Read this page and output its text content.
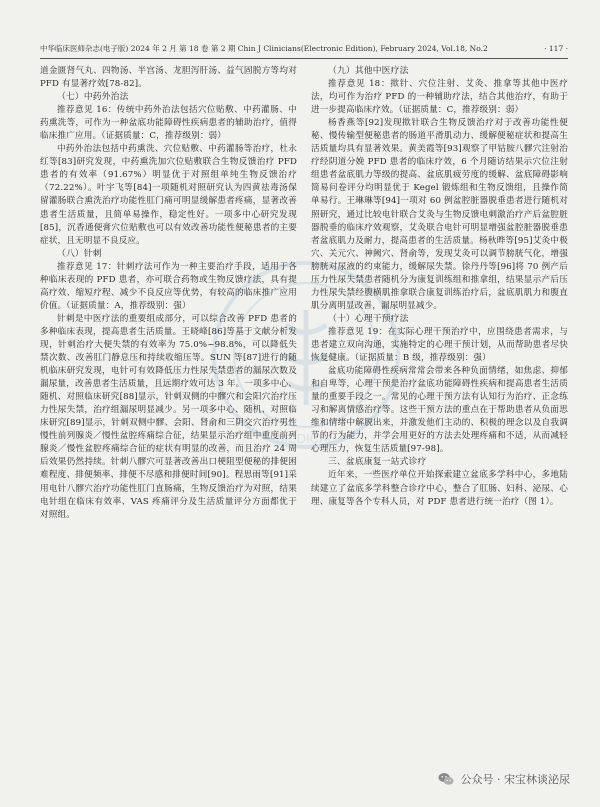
中华临床医师杂志(电子版) 2024 年 2 月 第 18 卷 第 2 期 Chin J Clinicians(Electronic Edition), February 2024, Vol.18, No.2	· 117 ·
MEDICAL

道金匮肾气丸、四物汤、半宫汤、龙胆泻肝汤、益气固脱方等均对 PFD 有显著疗效[78-82]。

（七）中药外治法

推荐意见 16：传统中药外治法包括穴位贴敷、中药灌肠、中药熏洗等，可作为一种盆底功能障碍性疾病患者的辅助治疗，值得临床推广应用。（证据质量：C，推荐级别：弱）

中药外治法包括中药熏洗、穴位贴敷、中药灌肠等治疗，杜永红等[83]研究发现，中药熏洗加穴位贴敷联合生物反馈治疗 PFD 患者的有效率（91.67%）明显优于对照组单纯生物反馈治疗（72.22%）。叶宇飞等[84]一项随机对照研究认为四黄祛毒汤保留灌肠联合熏洗治疗功能性肛门痛可明显缓解患者疼痛，显著改善患者生活质量，且简单易操作，稳定性好。一项多中心研究发现[85]，沉香通便膏穴位贴敷也可以有效改善功能性便秘患者的主要症状，且无明显不良反应。

（八）针刺

推荐意见 17：针刺疗法可作为一种主要治疗手段，适用于各种临床表现的 PFD 患者，亦可联合药物或生物反馈疗法，具有提高疗效、缩短疗程、减少不良反应等优势，有较高的临床推广应用价值。（证据质量：A，推荐级别：强）

针刺是中医疗法的重要组成部分，可以综合改善 PFD 患者的多种临床表现，提高患者生活质量。王晓峰[86]等基于文献分析发现，针刺治疗大便失禁的有效率为 75.0%~98.8%，可以降低失禁次数、改善肛门静息压和持续收缩压等。SUN 等[87]进行的随机临床研究发现，电针可有效降低压力性尿失禁患者的漏尿次数及漏尿量，改善患者生活质量，且远期疗效可达 3 年。一项多中心、随机、对照临床研究[88]显示，针刺双侧的中髎穴和会阳穴治疗压力性尿失禁，治疗组漏尿明显减少。另一项多中心、随机、对照临床研究[89]显示，针刺双侧中髎、会阳、肾俞和三阴交穴治疗男性慢性前列腺炎／慢性盆腔疼痛综合征，结果显示治疗组中重度前列腺炎／慢性盆腔疼痛综合征的症状有明显的改善，而且治疗 24 周后效果仍然持续。针刺八髎穴可显著改善出口梗阻型便秘的排便困难程度、排便频率、排便不尽感和排便时间[90]。程思雨等[91]采用电针八髎穴治疗功能性肛门直肠痛，生物反馈治疗为对照，结果电针组在临床有效率、VAS 疼痛评分及生活质量评分方面都优于对照组。

（九）其他中医疗法

推荐意见 18：揿针、穴位注射、艾灸、推拿等其他中医疗法，均可作为治疗 PFD 的一种辅助疗法，结合其他治疗，有助于进一步提高临床疗效。（证据质量：C，推荐级别：弱）

杨香燕等[92]发现揿针联合生物反馈治疗对于改善功能性便秘、慢传输型便秘患者的肠道平滑肌动力、缓解便秘症状和提高生活质量均具有显著效果。黄美霞等[93]观察了甲钴胺八髎穴注射治疗经阴道分娩 PFD 患者的临床疗效，6 个月随访结果示穴位注射组患者盆底肌力等级的提高、盆底肌疲劳度的缓解、盆底障碍影响简易问卷评分均明显优于 Kegel 锻炼组和生物反馈组，且操作简单易行。王琳琳等[94]一项对 60 例盆腔脏器脱垂患者进行随机对照研究，通过比较电针联合艾灸与生物反馈电刺激治疗产后盆腔脏器脱垂的临床疗效观察，艾灸联合电针可明显增强盆腔脏器脱垂患者盆底肌力及耐力，提高患者的生活质量。杨秋晔等[95]艾灸中极穴、关元穴、神阙穴、肾俞等，发现艾灸可以调节膀胱气化，增强膀胱对尿液的约束能力，缓解尿失禁。徐丹丹等[96]将 70 例产后压力性尿失禁患者随机分为康复训练组和推拿组，结果显示产后压力性尿失禁经腹横肌推拿联合康复训练治疗后，盆底肌肌力和腹直肌分离明显改善，漏尿明显减少。

（十）心理干预疗法

推荐意见 19：在实际心理干预治疗中，应围绕患者需求，与患者建立双向沟通，实施特定的心理干预计划，从而帮助患者尽快恢复健康。（证据质量：B 级，推荐级别：强）

盆底功能障碍性疾病常常会带来各种负面情绪，如焦虑、抑郁和自卑等，心理干预是治疗盆底功能障碍性疾病和提高患者生活质量的重要手段之一。常见的心理干预方法有认知行为治疗、正念练习和解离情感治疗等。这些干预方法的重点在于帮助患者从负面思维和情绪中解脱出来，并激发他们主动的、积极的理念以及自我调节的行为能力，并学会用更好的方法去处理疼痛和不适，从而减轻心理压力，恢复生活质量[97-98]。

三、盆底康复一站式诊疗

近年来，一些医疗单位开始探索建立盆底多学科中心，多地陆续建立了盆底多学科整合诊疗中心，整合了肛肠、妇科、泌尿、心理、康复等各个专科人员，对 PDF 患者进行统一治疗（图 1）。

公众号 ·
宋宝林谈泌尿
